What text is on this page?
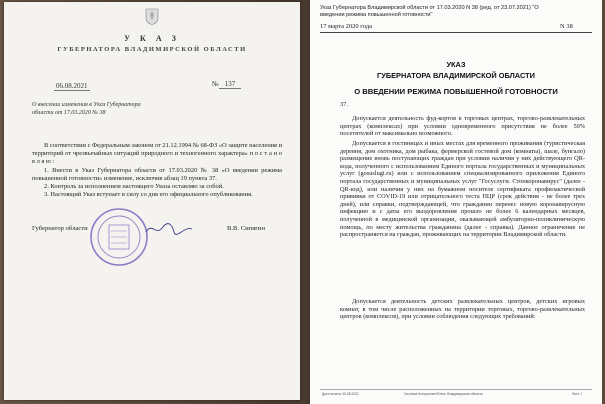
У К А З
ГУБЕРНАТОРА ВЛАДИМИРСКОЙ ОБЛАСТИ
06.08.2021	№ 137
О внесении изменения в Указ Губернатора области от 17.03.2020 № 38

В соответствии с Федеральным законом от 21.12.1994 № 68-ФЗ «О защите населения и территорий от чрезвычайных ситуаций природного и техногенного характера» п о с т а н о в л я ю :

1. Внести в Указ Губернатора области от 17.03.2020 № 38 «О введении режима повышенной готовности» изменение, исключив абзац 19 пункта 37.

2. Контроль за исполнением настоящего Указа оставляю за собой.

3. Настоящий Указ вступает в силу со дня его официального опубликования.

Губернатор области	В.В. Сипягин
Указ Губернатора Владимирской области от 17.03.2020 N 38 (ред. от 23.07.2021) "О введении режима повышенной готовности"
17 марта 2020 года	N 38
УКАЗ
ГУБЕРНАТОРА ВЛАДИМИРСКОЙ ОБЛАСТИ
О ВВЕДЕНИИ РЕЖИМА ПОВЫШЕННОЙ ГОТОВНОСТИ
37.

Допускается деятельность фуд-кортов в торговых центрах, торгово-развлекательных центрах (комплексах) при условии одновременного присутствия не более 50% посетителей от максимально возможного.

Допускается в гостиницах и иных местах для временного проживания (туристическая деревня, дом охотника, дом рыбака, фермерской гостевой дом (комнаты), шале, бунгало) размещение вновь поступающих граждан при условии наличия у них действующего QR-кода, полученного с использованием Единого портала государственных и муниципальных услуг (gosuslugi.ru) или с использованием специализированного приложения Единого портала государственных и муниципальных услуг "Госуслуги. Стопкоронавирус" (далее - QR-код), или наличия у них на бумажном носителе сертификата профилактической прививки от COVID-19 или отрицательного теста ПЦР (срок действия - не более трех дней), или справки, подтверждающей, что гражданин перенес новую коронавирусную инфекцию и с даты его выздоровления прошло не более 6 календарных месяцев, полученной в медицинской организации, оказывающей амбулаторно-поликлиническую помощь, по месту жительства гражданина (далее - справка). Данное ограничение не распространяется на граждан, проживающих на территории Владимирской области.

Допускается деятельность детских развлекательных центров, детских игровых комнат, в том числе расположенных на территории торговых, торгово-развлекательных центров (комплексов), при условии соблюдения следующих требований:

Дата печати: 06.08.2021	Система КонсультантПлюс: Владимирская область	Лист 1
